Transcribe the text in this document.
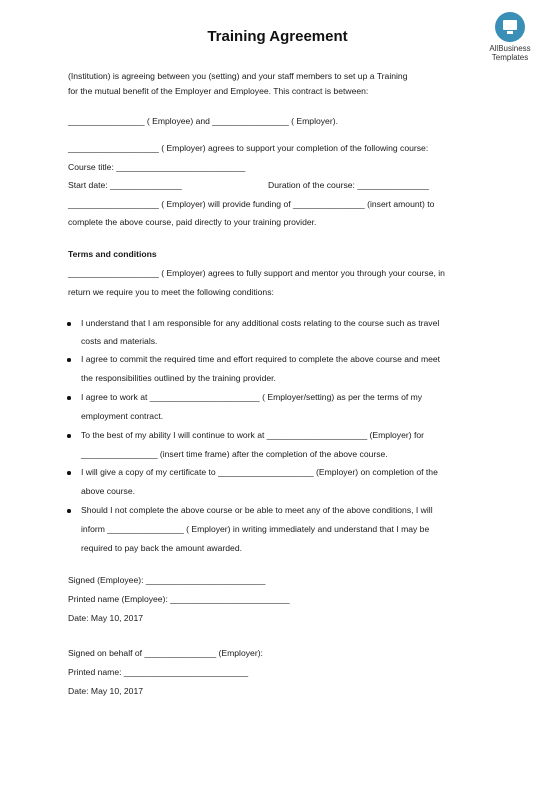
Training Agreement
AllBusiness
Templates
(Institution) is agreeing between you (setting) and your staff members to set up a Training
for the mutual benefit of the Employer and Employee. This contract is between:
________________ ( Employee) and ________________ ( Employer).
___________________ ( Employer) agrees to support your completion of the following course:
Course title: ___________________________
Start date: _______________	Duration of the course: _______________
___________________ ( Employer) will provide funding of _______________ (insert amount) to
complete the above course, paid directly to your training provider.
Terms and conditions
___________________ ( Employer) agrees to fully support and mentor you through your course, in
return we require you to meet the following conditions:
I understand that I am responsible for any additional costs relating to the course such as travel
costs and materials.
I agree to commit the required time and effort required to complete the above course and meet
the responsibilities outlined by the training provider.
I agree to work at _______________________ ( Employer/setting) as per the terms of my
employment contract.
To the best of my ability I will continue to work at _____________________ (Employer) for
________________ (insert time frame) after the completion of the above course.
I will give a copy of my certificate to ____________________ (Employer) on completion of the
above course.
Should I not complete the above course or be able to meet any of the above conditions, I will
inform ________________ ( Employer) in writing immediately and understand that I may be
required to pay back the amount awarded.
Signed (Employee): _________________________
Printed name (Employee): _________________________
Date: May 10, 2017
Signed on behalf of _______________ (Employer):
Printed name: __________________________
Date: May 10, 2017
